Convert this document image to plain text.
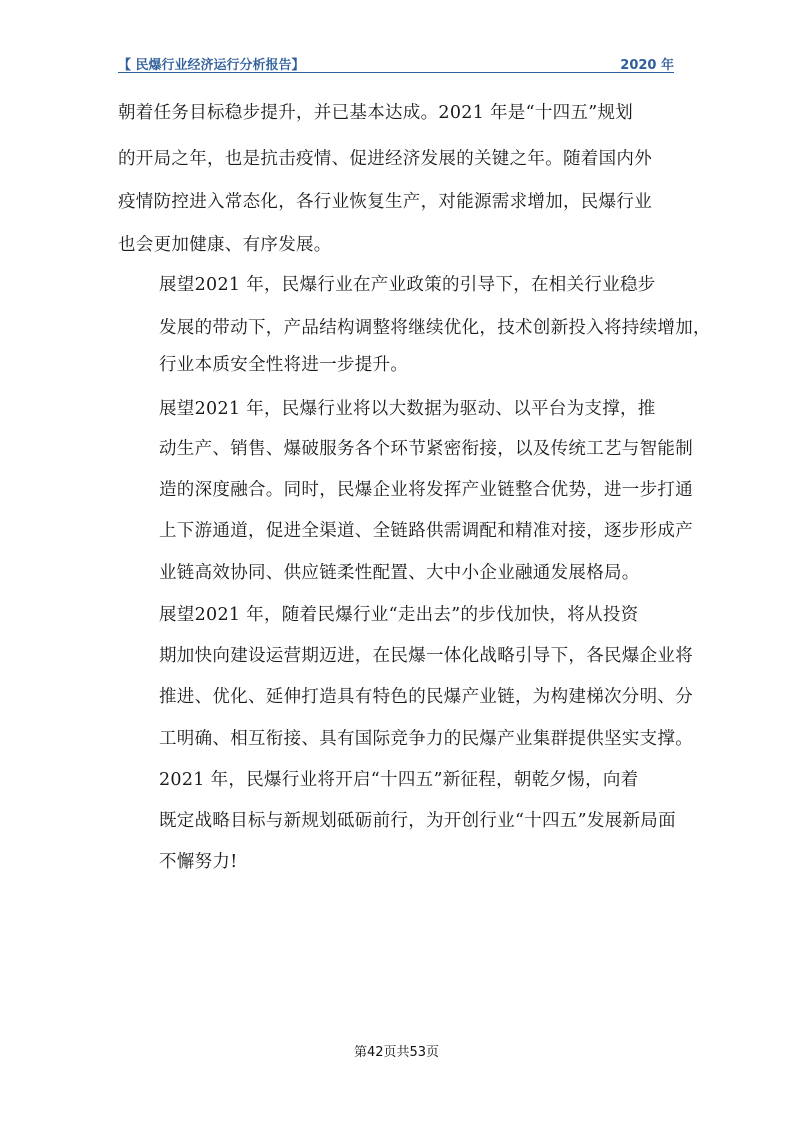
【 民爆行业经济运行分析报告】	2020 年
朝着任务目标稳步提升，并已基本达成。2021 年是“十四五”规划
的开局之年，也是抗击疫情、促进经济发展的关键之年。随着国内外
疫情防控进入常态化，各行业恢复生产，对能源需求增加，民爆行业
也会更加健康、有序发展。
展望2021 年，民爆行业在产业政策的引导下，在相关行业稳步
发展的带动下，产品结构调整将继续优化，技术创新投入将持续增加，
行业本质安全性将进一步提升。
展望2021 年，民爆行业将以大数据为驱动、以平台为支撑，推
动生产、销售、爆破服务各个环节紧密衔接，以及传统工艺与智能制
造的深度融合。同时，民爆企业将发挥产业链整合优势，进一步打通
上下游通道，促进全渠道、全链路供需调配和精准对接，逐步形成产
业链高效协同、供应链柔性配置、大中小企业融通发展格局。
展望2021 年，随着民爆行业“走出去”的步伐加快，将从投资
期加快向建设运营期迈进，在民爆一体化战略引导下，各民爆企业将
推进、优化、延伸打造具有特色的民爆产业链，为构建梯次分明、分
工明确、相互衔接、具有国际竞争力的民爆产业集群提供坚实支撑。
2021 年，民爆行业将开启“十四五”新征程，朝乾夕惕，向着
既定战略目标与新规划砥砺前行，为开创行业“十四五”发展新局面
不懈努力!
第42页共53页
